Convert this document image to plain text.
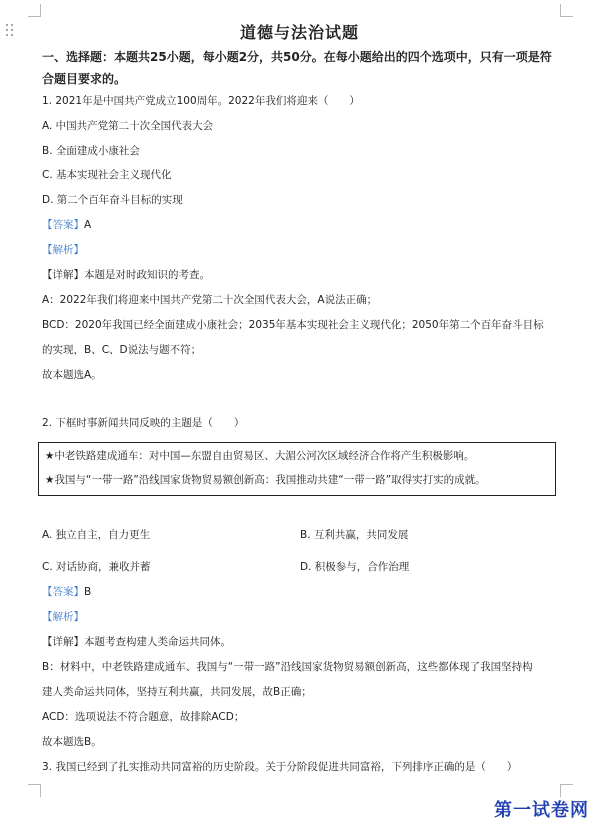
道德与法治试题
一、选择题：本题共25小题，每小题2分，共50分。在每小题给出的四个选项中，只有一项是符合题目要求的。
1. 2021年是中国共产党成立100周年。2022年我们将迎来（　　）
A. 中国共产党第二十次全国代表大会
B. 全面建成小康社会
C. 基本实现社会主义现代化
D. 第二个百年奋斗目标的实现
【答案】A
【解析】
【详解】本题是对时政知识的考查。
A：2022年我们将迎来中国共产党第二十次全国代表大会，A说法正确；
BCD：2020年我国已经全面建成小康社会；2035年基本实现社会主义现代化；2050年第二个百年奋斗目标
的实现，B、C、D说法与题不符；
故本题选A。
2. 下框时事新闻共同反映的主题是（　　）
★中老铁路建成通车：对中国—东盟自由贸易区、大湄公河次区域经济合作将产生积极影响。
★我国与“一带一路”沿线国家货物贸易额创新高：我国推动共建“一带一路”取得实打实的成就。
A. 独立自主，自力更生	B. 互利共赢，共同发展
C. 对话协商，兼收并蓄	D. 积极参与，合作治理
【答案】B
【解析】
【详解】本题考查构建人类命运共同体。
B：材料中，中老铁路建成通车、我国与“一带一路”沿线国家货物贸易额创新高，这些都体现了我国坚持构
建人类命运共同体，坚持互利共赢，共同发展，故B正确；
ACD：选项说法不符合题意，故排除ACD；
故本题选B。
3. 我国已经到了扎实推动共同富裕的历史阶段。关于分阶段促进共同富裕，下列排序正确的是（　　）
第一试卷网
